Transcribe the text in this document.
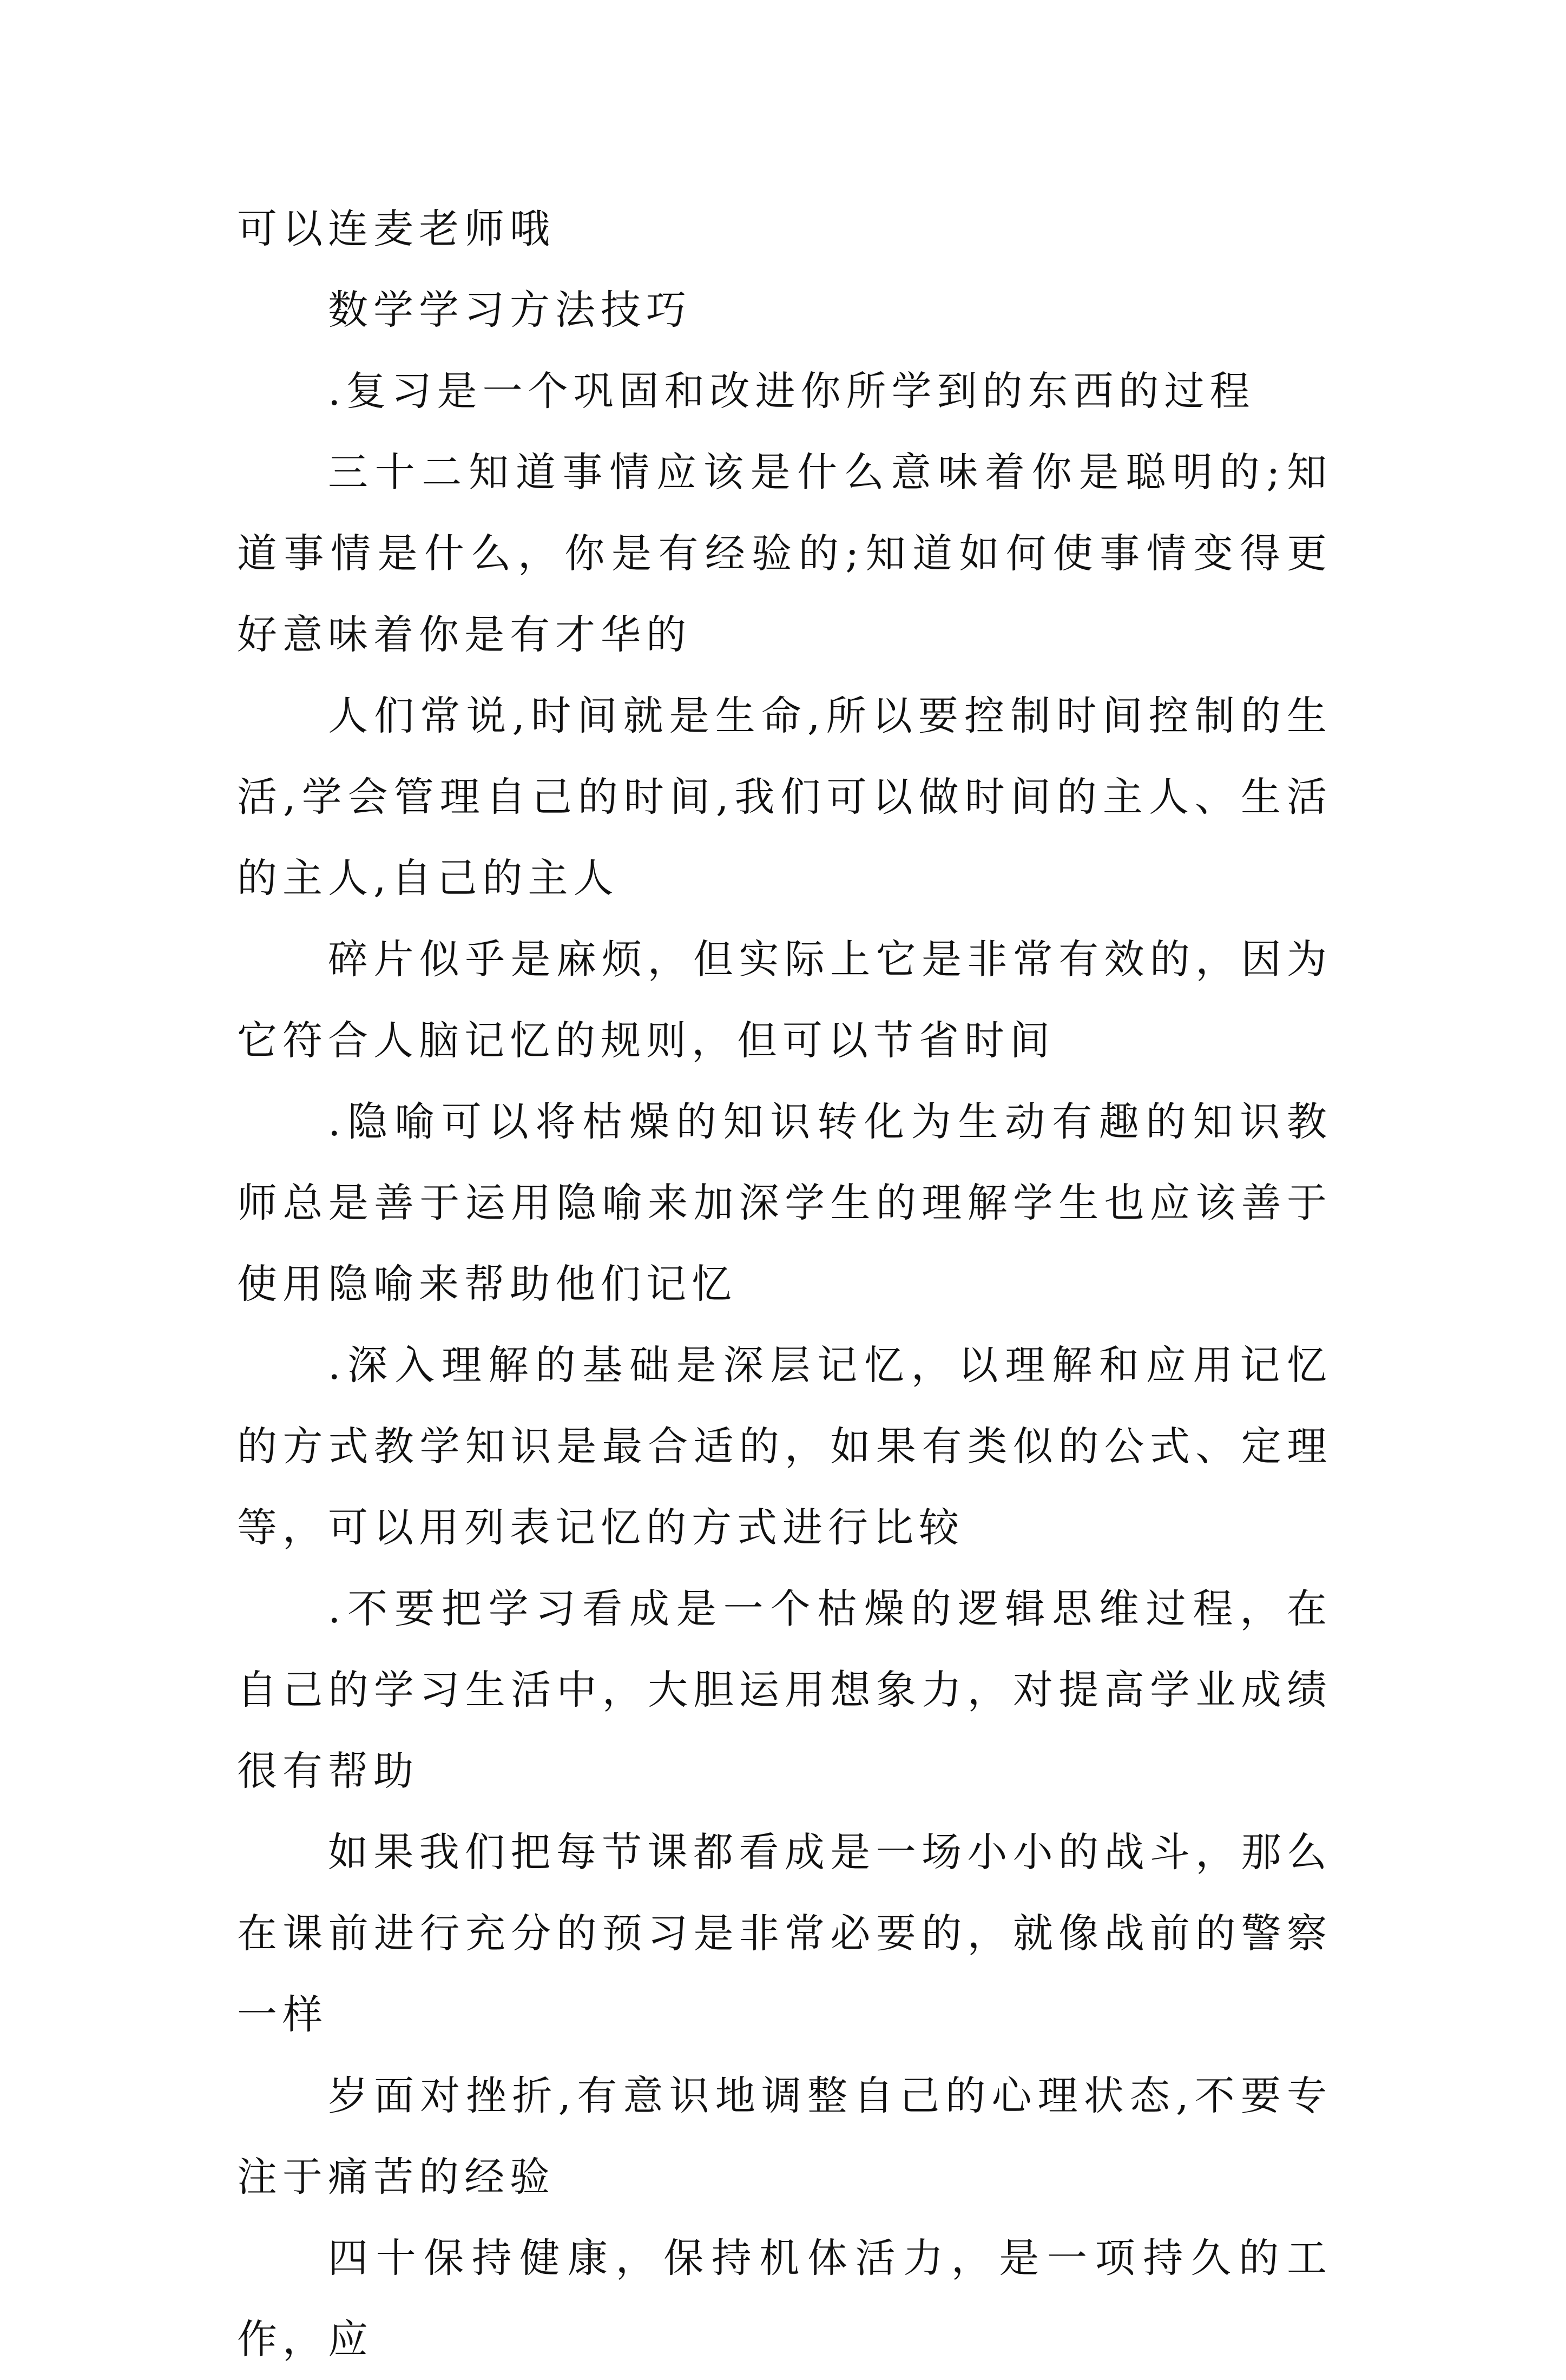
可以连麦老师哦

数学学习方法技巧

.复习是一个巩固和改进你所学到的东西的过程

三十二知道事情应该是什么意味着你是聪明的;知道事情是什么，你是有经验的;知道如何使事情变得更好意味着你是有才华的

人们常说,时间就是生命,所以要控制时间控制的生活,学会管理自己的时间,我们可以做时间的主人、生活的主人,自己的主人

碎片似乎是麻烦，但实际上它是非常有效的，因为它符合人脑记忆的规则，但可以节省时间

.隐喻可以将枯燥的知识转化为生动有趣的知识教师总是善于运用隐喻来加深学生的理解学生也应该善于使用隐喻来帮助他们记忆

.深入理解的基础是深层记忆，以理解和应用记忆的方式教学知识是最合适的，如果有类似的公式、定理等，可以用列表记忆的方式进行比较

.不要把学习看成是一个枯燥的逻辑思维过程，在自己的学习生活中，大胆运用想象力，对提高学业成绩很有帮助

如果我们把每节课都看成是一场小小的战斗，那么在课前进行充分的预习是非常必要的，就像战前的警察一样

岁面对挫折,有意识地调整自己的心理状态,不要专注于痛苦的经验

四十保持健康，保持机体活力，是一项持久的工作，应
